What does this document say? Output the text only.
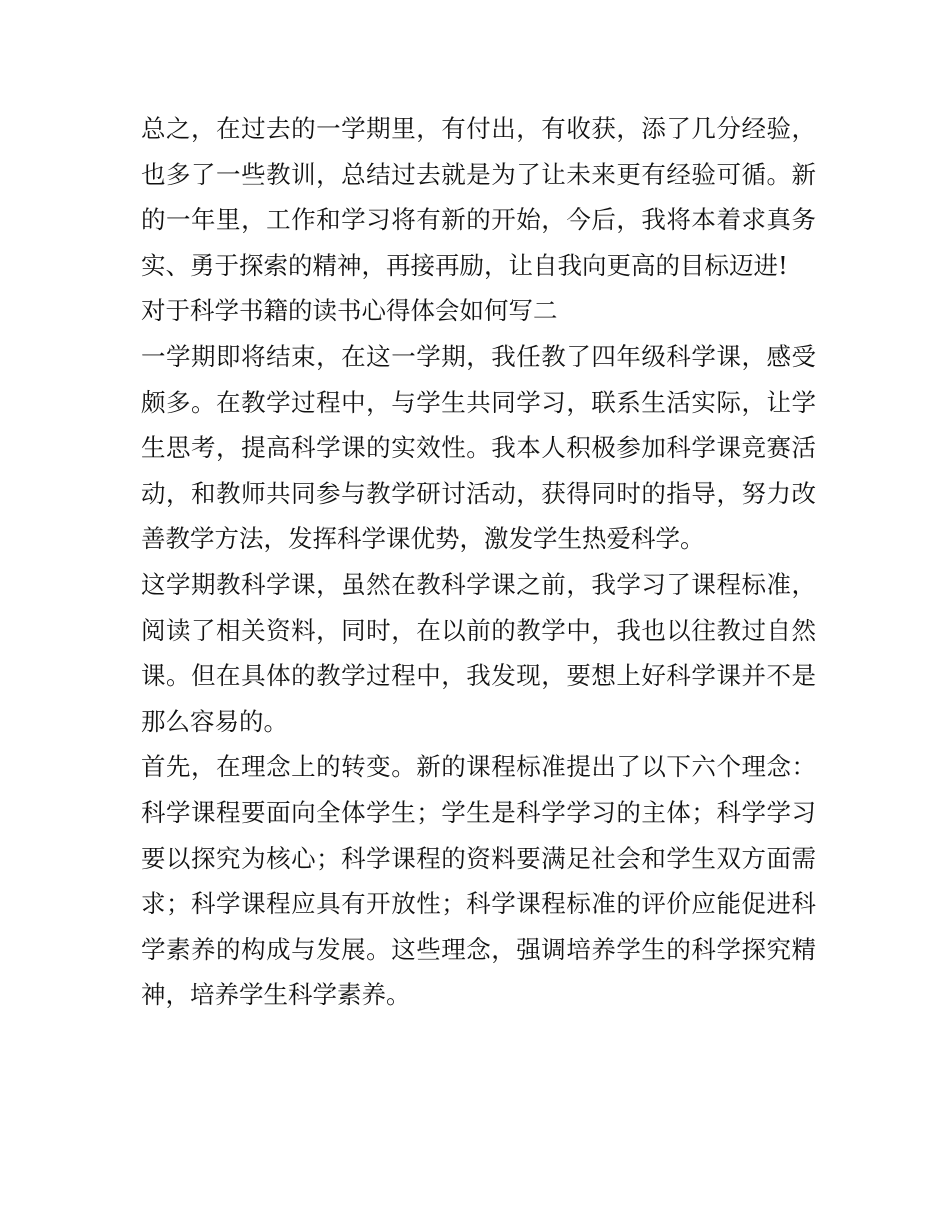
总之，在过去的一学期里，有付出，有收获，添了几分经验，也多了一些教训，总结过去就是为了让未来更有经验可循。新的一年里，工作和学习将有新的开始，今后，我将本着求真务实、勇于探索的精神，再接再励，让自我向更高的目标迈进!

对于科学书籍的读书心得体会如何写二

一学期即将结束，在这一学期，我任教了四年级科学课，感受颇多。在教学过程中，与学生共同学习，联系生活实际，让学生思考，提高科学课的实效性。我本人积极参加科学课竞赛活动，和教师共同参与教学研讨活动，获得同时的指导，努力改善教学方法，发挥科学课优势，激发学生热爱科学。

这学期教科学课，虽然在教科学课之前，我学习了课程标准，阅读了相关资料，同时，在以前的教学中，我也以往教过自然课。但在具体的教学过程中，我发现，要想上好科学课并不是那么容易的。

首先，在理念上的转变。新的课程标准提出了以下六个理念：科学课程要面向全体学生；学生是科学学习的主体；科学学习要以探究为核心；科学课程的资料要满足社会和学生双方面需求；科学课程应具有开放性；科学课程标准的评价应能促进科学素养的构成与发展。这些理念，强调培养学生的科学探究精神，培养学生科学素养。
